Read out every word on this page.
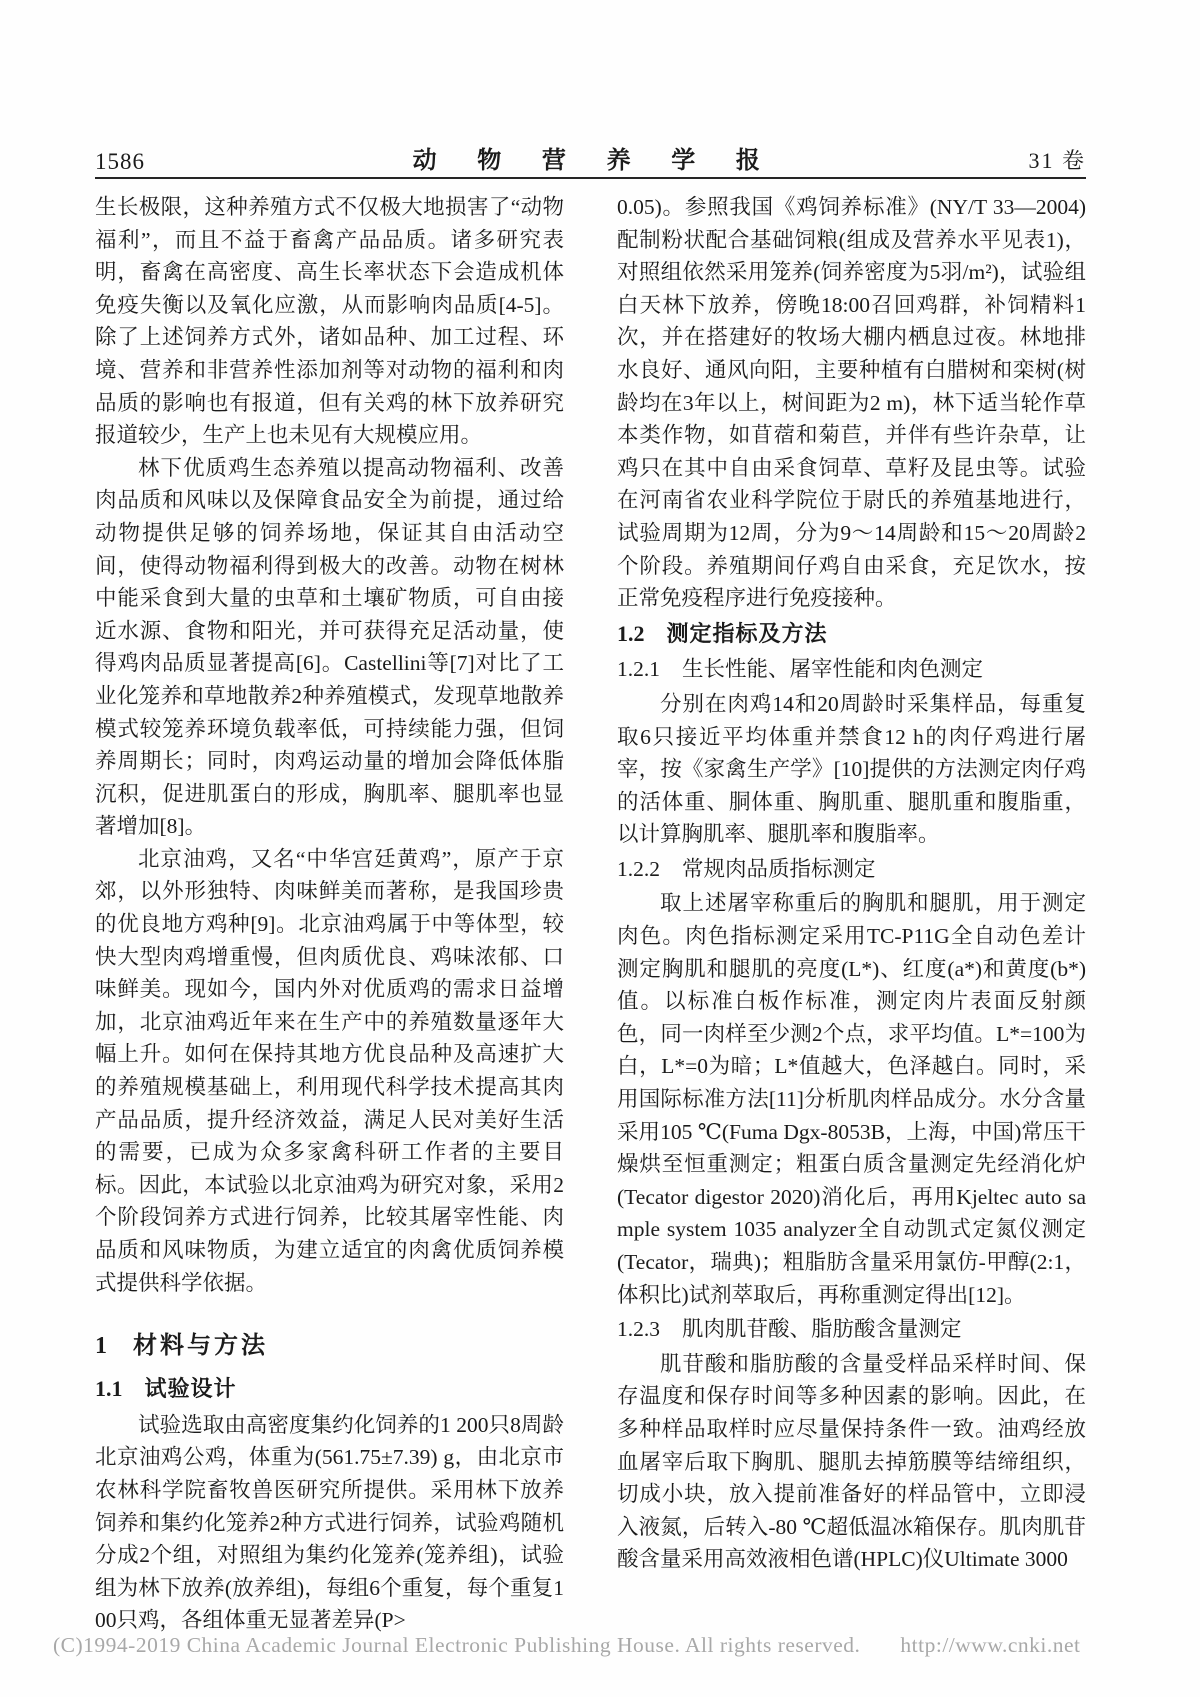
1586	动 物 营 养 学 报	31 卷

生长极限，这种养殖方式不仅极大地损害了“动物福利”，而且不益于畜禽产品品质。诸多研究表明，畜禽在高密度、高生长率状态下会造成机体免疫失衡以及氧化应激，从而影响肉品质[4-5]。除了上述饲养方式外，诸如品种、加工过程、环境、营养和非营养性添加剂等对动物的福利和肉品质的影响也有报道，但有关鸡的林下放养研究报道较少，生产上也未见有大规模应用。

林下优质鸡生态养殖以提高动物福利、改善肉品质和风味以及保障食品安全为前提，通过给动物提供足够的饲养场地，保证其自由活动空间，使得动物福利得到极大的改善。动物在树林中能采食到大量的虫草和土壤矿物质，可自由接近水源、食物和阳光，并可获得充足活动量，使得鸡肉品质显著提高[6]。Castellini等[7]对比了工业化笼养和草地散养2种养殖模式，发现草地散养模式较笼养环境负载率低，可持续能力强，但饲养周期长；同时，肉鸡运动量的增加会降低体脂沉积，促进肌蛋白的形成，胸肌率、腿肌率也显著增加[8]。

北京油鸡，又名“中华宫廷黄鸡”，原产于京郊，以外形独特、肉味鲜美而著称，是我国珍贵的优良地方鸡种[9]。北京油鸡属于中等体型，较快大型肉鸡增重慢，但肉质优良、鸡味浓郁、口味鲜美。现如今，国内外对优质鸡的需求日益增加，北京油鸡近年来在生产中的养殖数量逐年大幅上升。如何在保持其地方优良品种及高速扩大的养殖规模基础上，利用现代科学技术提高其肉产品品质，提升经济效益，满足人民对美好生活的需要，已成为众多家禽科研工作者的主要目标。因此，本试验以北京油鸡为研究对象，采用2个阶段饲养方式进行饲养，比较其屠宰性能、肉品质和风味物质，为建立适宜的肉禽优质饲养模式提供科学依据。

1 材料与方法
1.1 试验设计

试验选取由高密度集约化饲养的1 200只8周龄北京油鸡公鸡，体重为(561.75±7.39) g，由北京市农林科学院畜牧兽医研究所提供。采用林下放养饲养和集约化笼养2种方式进行饲养，试验鸡随机分成2个组，对照组为集约化笼养(笼养组)，试验组为林下放养(放养组)，每组6个重复，每个重复100只鸡，各组体重无显著差异(P>

0.05)。参照我国《鸡饲养标准》(NY/T 33—2004)配制粉状配合基础饲粮(组成及营养水平见表1)，对照组依然采用笼养(饲养密度为5羽/m²)，试验组白天林下放养，傍晚18:00召回鸡群，补饲精料1次，并在搭建好的牧场大棚内栖息过夜。林地排水良好、通风向阳，主要种植有白腊树和栾树(树龄均在3年以上，树间距为2 m)，林下适当轮作草本类作物，如苜蓿和菊苣，并伴有些许杂草，让鸡只在其中自由采食饲草、草籽及昆虫等。试验在河南省农业科学院位于尉氏的养殖基地进行，试验周期为12周，分为9～14周龄和15～20周龄2个阶段。养殖期间仔鸡自由采食，充足饮水，按正常免疫程序进行免疫接种。

1.2 测定指标及方法
1.2.1 生长性能、屠宰性能和肉色测定

分别在肉鸡14和20周龄时采集样品，每重复取6只接近平均体重并禁食12 h的肉仔鸡进行屠宰，按《家禽生产学》[10]提供的方法测定肉仔鸡的活体重、胴体重、胸肌重、腿肌重和腹脂重，以计算胸肌率、腿肌率和腹脂率。

1.2.2 常规肉品质指标测定

取上述屠宰称重后的胸肌和腿肌，用于测定肉色。肉色指标测定采用TC-P11G全自动色差计测定胸肌和腿肌的亮度(L*)、红度(a*)和黄度(b*)值。以标准白板作标准，测定肉片表面反射颜色，同一肉样至少测2个点，求平均值。L*=100为白，L*=0为暗；L*值越大，色泽越白。同时，采用国际标准方法[11]分析肌肉样品成分。水分含量采用105 ℃(Fuma Dgx-8053B，上海，中国)常压干燥烘至恒重测定；粗蛋白质含量测定先经消化炉(Tecator digestor 2020)消化后，再用Kjeltec auto sample system 1035 analyzer全自动凯式定氮仪测定(Tecator，瑞典)；粗脂肪含量采用氯仿-甲醇(2:1，体积比)试剂萃取后，再称重测定得出[12]。

1.2.3 肌肉肌苷酸、脂肪酸含量测定

肌苷酸和脂肪酸的含量受样品采样时间、保存温度和保存时间等多种因素的影响。因此，在多种样品取样时应尽量保持条件一致。油鸡经放血屠宰后取下胸肌、腿肌去掉筋膜等结缔组织，切成小块，放入提前准备好的样品管中，立即浸入液氮，后转入-80 ℃超低温冰箱保存。肌肉肌苷酸含量采用高效液相色谱(HPLC)仪Ultimate 3000

(C)1994-2019 China Academic Journal Electronic Publishing House. All rights reserved. http://www.cnki.net
